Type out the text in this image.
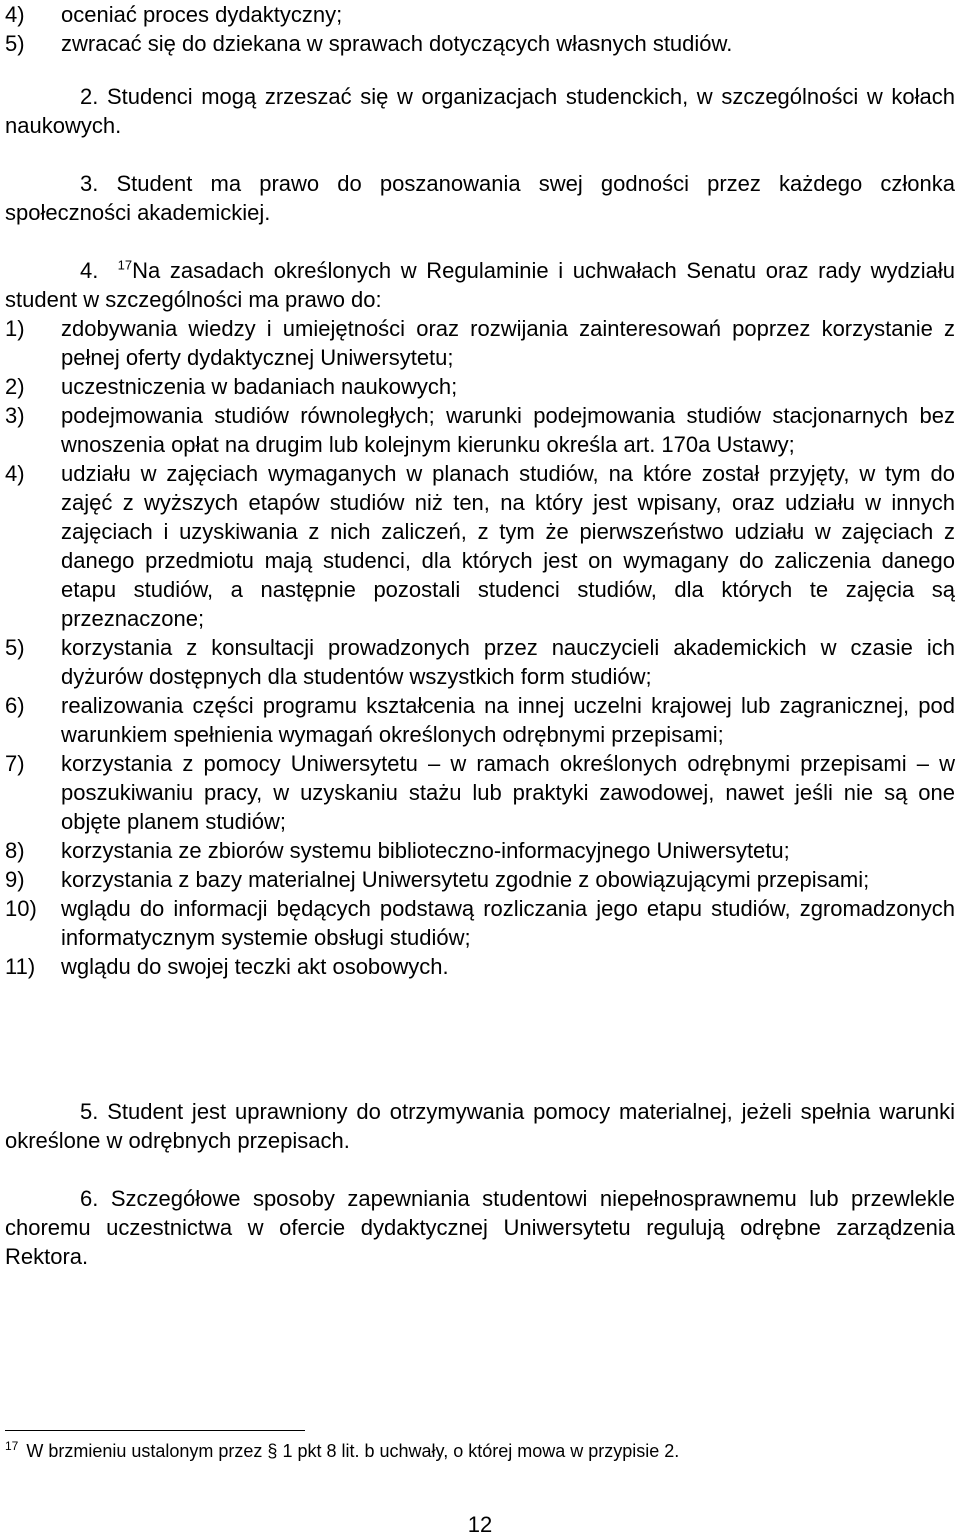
4) oceniać proces dydaktyczny;
5) zwracać się do dziekana w sprawach dotyczących własnych studiów.
2. Studenci mogą zrzeszać się w organizacjach studenckich, w szczególności w kołach naukowych.
3. Student ma prawo do poszanowania swej godności przez każdego członka społeczności akademickiej.
4. $^{17}$Na zasadach określonych w Regulaminie i uchwałach Senatu oraz rady wydziału student w szczególności ma prawo do:
1) zdobywania wiedzy i umiejętności oraz rozwijania zainteresowań poprzez korzystanie z pełnej oferty dydaktycznej Uniwersytetu;
2) uczestniczenia w badaniach naukowych;
3) podejmowania studiów równoległych; warunki podejmowania studiów stacjonarnych bez wnoszenia opłat na drugim lub kolejnym kierunku określa art. 170a Ustawy;
4) udziału w zajęciach wymaganych w planach studiów, na które został przyjęty, w tym do zajęć z wyższych etapów studiów niż ten, na który jest wpisany, oraz udziału w innych zajęciach i uzyskiwania z nich zaliczeń, z tym że pierwszeństwo udziału w zajęciach z danego przedmiotu mają studenci, dla których jest on wymagany do zaliczenia danego etapu studiów, a następnie pozostali studenci studiów, dla których te zajęcia są przeznaczone;
5) korzystania z konsultacji prowadzonych przez nauczycieli akademickich w czasie ich dyżurów dostępnych dla studentów wszystkich form studiów;
6) realizowania części programu kształcenia na innej uczelni krajowej lub zagranicznej, pod warunkiem spełnienia wymagań określonych odrębnymi przepisami;
7) korzystania z pomocy Uniwersytetu – w ramach określonych odrębnymi przepisami – w poszukiwaniu pracy, w uzyskaniu stażu lub praktyki zawodowej, nawet jeśli nie są one objęte planem studiów;
8) korzystania ze zbiorów systemu biblioteczno-informacyjnego Uniwersytetu;
9) korzystania z bazy materialnej Uniwersytetu zgodnie z obowiązującymi przepisami;
10) wglądu do informacji będących podstawą rozliczania jego etapu studiów, zgromadzonych informatycznym systemie obsługi studiów;
11) wglądu do swojej teczki akt osobowych.
5. Student jest uprawniony do otrzymywania pomocy materialnej, jeżeli spełnia warunki określone w odrębnych przepisach.
6. Szczegółowe sposoby zapewniania studentowi niepełnosprawnemu lub przewlekle choremu uczestnictwa w ofercie dydaktycznej Uniwersytetu regulują odrębne zarządzenia Rektora.
$^{17}$ W brzmieniu ustalonym przez § 1 pkt 8 lit. b uchwały, o której mowa w przypisie 2.
12
